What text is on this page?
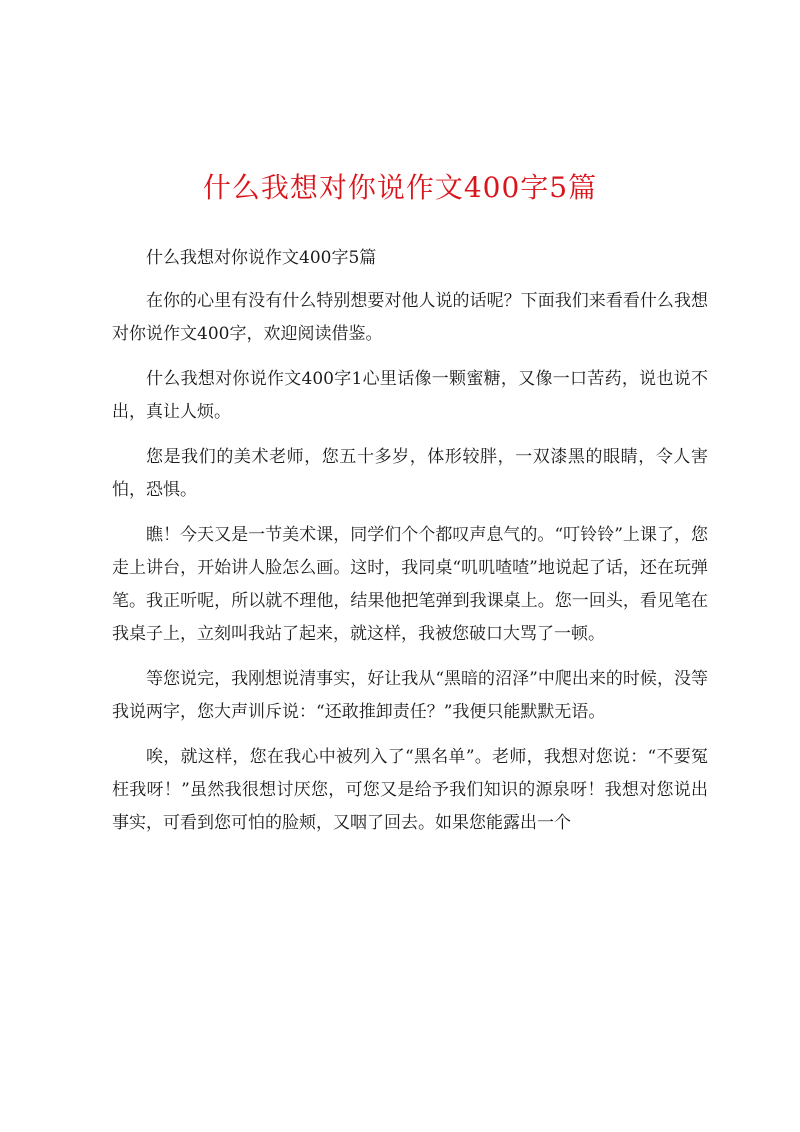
什么我想对你说作文400字5篇

什么我想对你说作文400字5篇

在你的心里有没有什么特别想要对他人说的话呢？下面我们来看看什么我想对你说作文400字，欢迎阅读借鉴。

什么我想对你说作文400字1心里话像一颗蜜糖，又像一口苦药，说也说不出，真让人烦。

您是我们的美术老师，您五十多岁，体形较胖，一双漆黑的眼睛，令人害怕，恐惧。

瞧！今天又是一节美术课，同学们个个都叹声息气的。“叮铃铃”上课了，您走上讲台，开始讲人脸怎么画。这时，我同桌“叽叽喳喳”地说起了话，还在玩弹笔。我正听呢，所以就不理他，结果他把笔弹到我课桌上。您一回头，看见笔在我桌子上，立刻叫我站了起来，就这样，我被您破口大骂了一顿。

等您说完，我刚想说清事实，好让我从“黑暗的沼泽”中爬出来的时候，没等我说两字，您大声训斥说：“还敢推卸责任？”我便只能默默无语。

唉，就这样，您在我心中被列入了“黑名单”。老师，我想对您说：“不要冤枉我呀！”虽然我很想讨厌您，可您又是给予我们知识的源泉呀！我想对您说出事实，可看到您可怕的脸颊，又咽了回去。如果您能露出一个
